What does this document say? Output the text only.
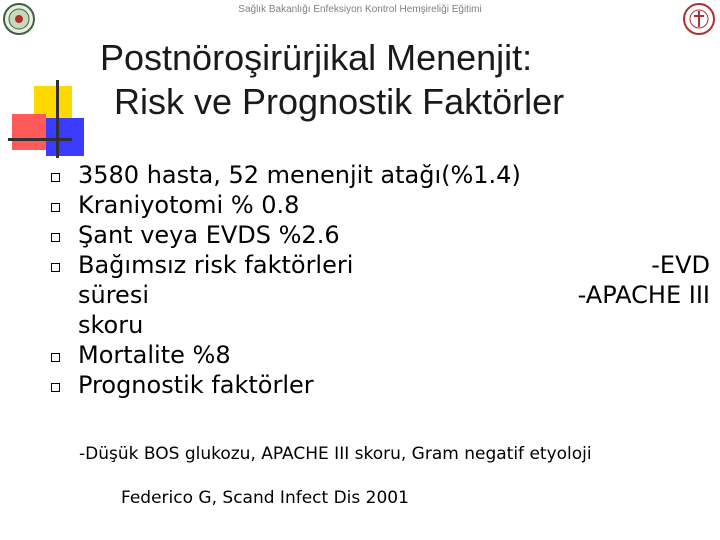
Sağlık Bakanlığı Enfeksiyon Kontrol Hemşireliği Eğitimi
Postnöroşirürjikal Menenjit:
Risk ve Prognostik Faktörler
3580 hasta, 52 menenjit atağı(%1.4)
Kraniyotomi % 0.8
Şant veya EVDS %2.6
Bağımsız risk faktörleri	-EVD
süresi	-APACHE III
skoru
Mortalite %8
Prognostik faktörler
-Düşük BOS glukozu, APACHE III skoru, Gram negatif etyoloji
Federico G, Scand Infect Dis 2001
